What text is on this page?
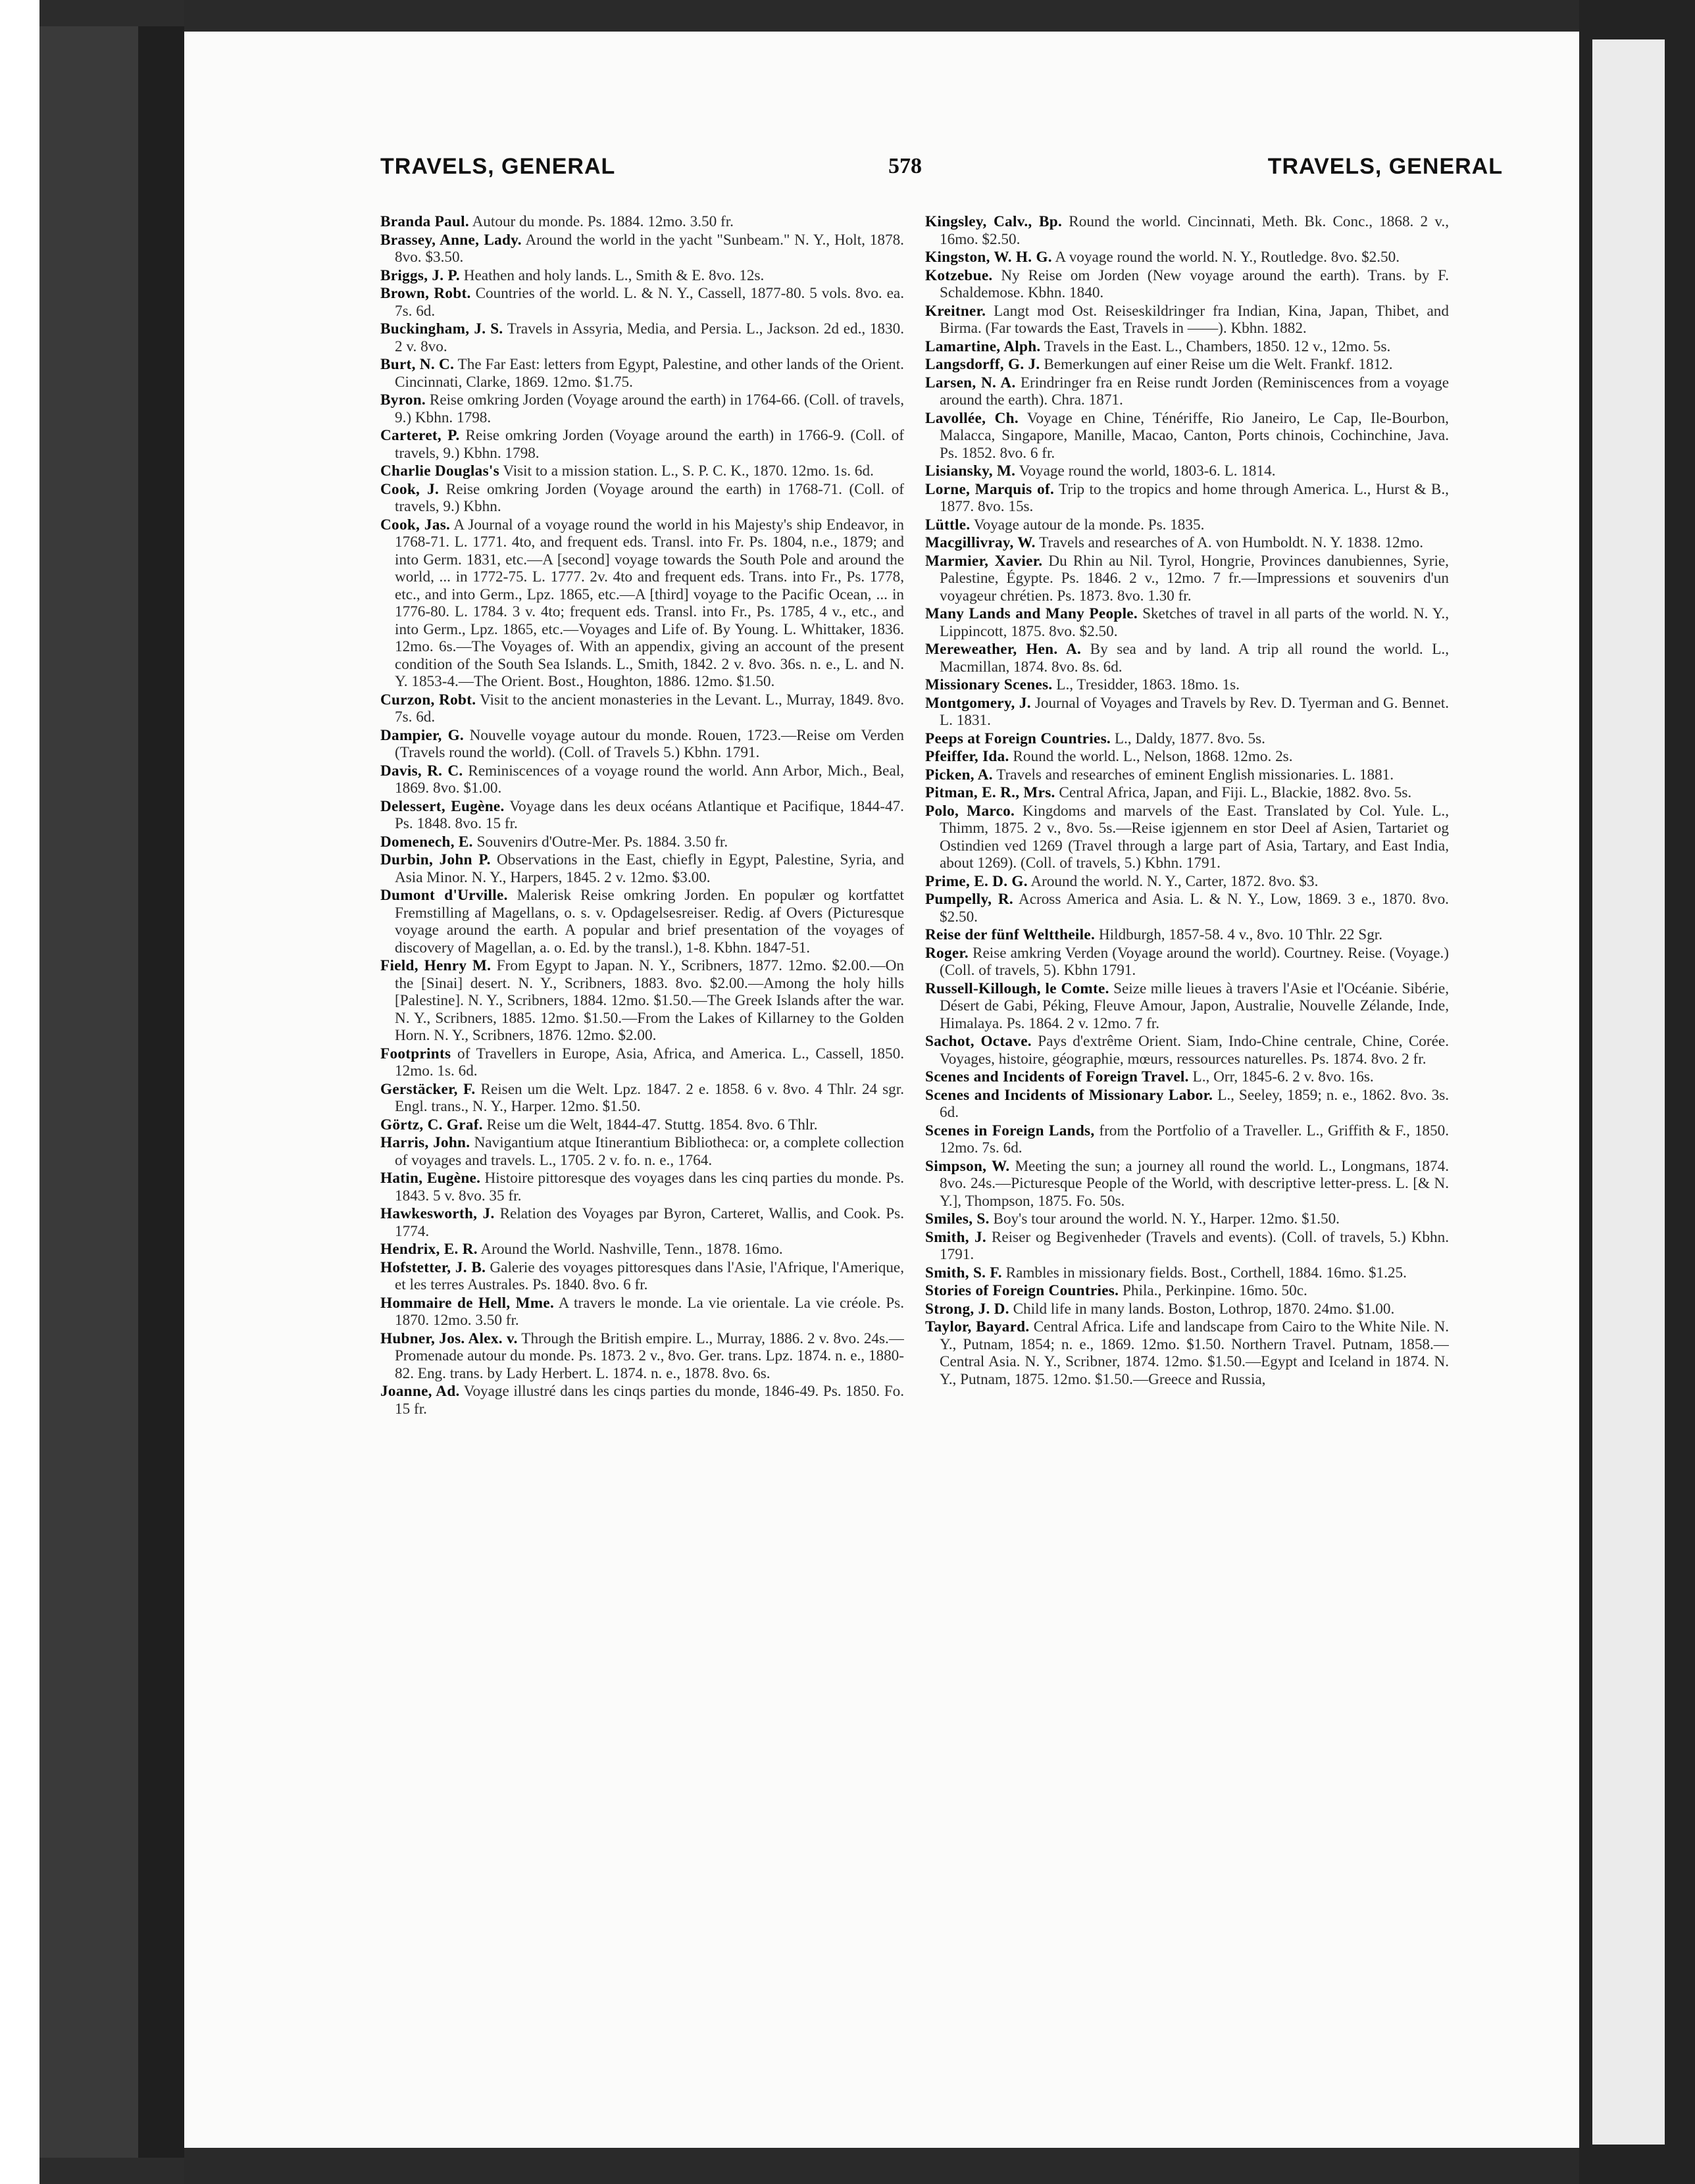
TRAVELS, GENERAL	578	TRAVELS, GENERAL

Branda Paul. Autour du monde. Ps. 1884. 12mo. 3.50 fr.

Brassey, Anne, Lady. Around the world in the yacht "Sunbeam." N. Y., Holt, 1878. 8vo. $3.50.

Briggs, J. P. Heathen and holy lands. L., Smith & E. 8vo. 12s.

Brown, Robt. Countries of the world. L. & N. Y., Cassell, 1877-80. 5 vols. 8vo. ea. 7s. 6d.

Buckingham, J. S. Travels in Assyria, Media, and Persia. L., Jackson. 2d ed., 1830. 2 v. 8vo.

Burt, N. C. The Far East: letters from Egypt, Palestine, and other lands of the Orient. Cincinnati, Clarke, 1869. 12mo. $1.75.

Byron. Reise omkring Jorden (Voyage around the earth) in 1764-66. (Coll. of travels, 9.) Kbhn. 1798.

Carteret, P. Reise omkring Jorden (Voyage around the earth) in 1766-9. (Coll. of travels, 9.) Kbhn. 1798.

Charlie Douglas's Visit to a mission station. L., S. P. C. K., 1870. 12mo. 1s. 6d.

Cook, J. Reise omkring Jorden (Voyage around the earth) in 1768-71. (Coll. of travels, 9.) Kbhn.

Cook, Jas. A Journal of a voyage round the world in his Majesty's ship Endeavor, in 1768-71. L. 1771. 4to, and frequent eds. Transl. into Fr. Ps. 1804, n.e., 1879; and into Germ. 1831, etc.—A [second] voyage towards the South Pole and around the world, ... in 1772-75. L. 1777. 2v. 4to and frequent eds. Trans. into Fr., Ps. 1778, etc., and into Germ., Lpz. 1865, etc.—A [third] voyage to the Pacific Ocean, ... in 1776-80. L. 1784. 3 v. 4to; frequent eds. Transl. into Fr., Ps. 1785, 4 v., etc., and into Germ., Lpz. 1865, etc.—Voyages and Life of. By Young. L. Whittaker, 1836. 12mo. 6s.—The Voyages of. With an appendix, giving an account of the present condition of the South Sea Islands. L., Smith, 1842. 2 v. 8vo. 36s. n. e., L. and N. Y. 1853-4.—The Orient. Bost., Houghton, 1886. 12mo. $1.50.

Curzon, Robt. Visit to the ancient monasteries in the Levant. L., Murray, 1849. 8vo. 7s. 6d.

Dampier, G. Nouvelle voyage autour du monde. Rouen, 1723.—Reise om Verden (Travels round the world). (Coll. of Travels 5.) Kbhn. 1791.

Davis, R. C. Reminiscences of a voyage round the world. Ann Arbor, Mich., Beal, 1869. 8vo. $1.00.

Delessert, Eugène. Voyage dans les deux océans Atlantique et Pacifique, 1844-47. Ps. 1848. 8vo. 15 fr.

Domenech, E. Souvenirs d'Outre-Mer. Ps. 1884. 3.50 fr.

Durbin, John P. Observations in the East, chiefly in Egypt, Palestine, Syria, and Asia Minor. N. Y., Harpers, 1845. 2 v. 12mo. $3.00.

Dumont d'Urville. Malerisk Reise omkring Jorden. En populær og kortfattet Fremstilling af Magellans, o. s. v. Opdagelsesreiser. Redig. af Overs (Picturesque voyage around the earth. A popular and brief presentation of the voyages of discovery of Magellan, a. o. Ed. by the transl.), 1-8. Kbhn. 1847-51.

Field, Henry M. From Egypt to Japan. N. Y., Scribners, 1877. 12mo. $2.00.—On the [Sinai] desert. N. Y., Scribners, 1883. 8vo. $2.00.—Among the holy hills [Palestine]. N. Y., Scribners, 1884. 12mo. $1.50.—The Greek Islands after the war. N. Y., Scribners, 1885. 12mo. $1.50.—From the Lakes of Killarney to the Golden Horn. N. Y., Scribners, 1876. 12mo. $2.00.

Footprints of Travellers in Europe, Asia, Africa, and America. L., Cassell, 1850. 12mo. 1s. 6d.

Gerstäcker, F. Reisen um die Welt. Lpz. 1847. 2 e. 1858. 6 v. 8vo. 4 Thlr. 24 sgr. Engl. trans., N. Y., Harper. 12mo. $1.50.

Görtz, C. Graf. Reise um die Welt, 1844-47. Stuttg. 1854. 8vo. 6 Thlr.

Harris, John. Navigantium atque Itinerantium Bibliotheca: or, a complete collection of voyages and travels. L., 1705. 2 v. fo. n. e., 1764.

Hatin, Eugène. Histoire pittoresque des voyages dans les cinq parties du monde. Ps. 1843. 5 v. 8vo. 35 fr.

Hawkesworth, J. Relation des Voyages par Byron, Carteret, Wallis, and Cook. Ps. 1774.

Hendrix, E. R. Around the World. Nashville, Tenn., 1878. 16mo.

Hofstetter, J. B. Galerie des voyages pittoresques dans l'Asie, l'Afrique, l'Amerique, et les terres Australes. Ps. 1840. 8vo. 6 fr.

Hommaire de Hell, Mme. A travers le monde. La vie orientale. La vie créole. Ps. 1870. 12mo. 3.50 fr.

Hubner, Jos. Alex. v. Through the British empire. L., Murray, 1886. 2 v. 8vo. 24s.—Promenade autour du monde. Ps. 1873. 2 v., 8vo. Ger. trans. Lpz. 1874. n. e., 1880-82. Eng. trans. by Lady Herbert. L. 1874. n. e., 1878. 8vo. 6s.

Joanne, Ad. Voyage illustré dans les cinqs parties du monde, 1846-49. Ps. 1850. Fo. 15 fr.

Kingsley, Calv., Bp. Round the world. Cincinnati, Meth. Bk. Conc., 1868. 2 v., 16mo. $2.50.

Kingston, W. H. G. A voyage round the world. N. Y., Routledge. 8vo. $2.50.

Kotzebue. Ny Reise om Jorden (New voyage around the earth). Trans. by F. Schaldemose. Kbhn. 1840.

Kreitner. Langt mod Ost. Reiseskildringer fra Indian, Kina, Japan, Thibet, and Birma. (Far towards the East, Travels in ——). Kbhn. 1882.

Lamartine, Alph. Travels in the East. L., Chambers, 1850. 12 v., 12mo. 5s.

Langsdorff, G. J. Bemerkungen auf einer Reise um die Welt. Frankf. 1812.

Larsen, N. A. Erindringer fra en Reise rundt Jorden (Reminiscences from a voyage around the earth). Chra. 1871.

Lavollée, Ch. Voyage en Chine, Ténériffe, Rio Janeiro, Le Cap, Ile-Bourbon, Malacca, Singapore, Manille, Macao, Canton, Ports chinois, Cochinchine, Java. Ps. 1852. 8vo. 6 fr.

Lisiansky, M. Voyage round the world, 1803-6. L. 1814.

Lorne, Marquis of. Trip to the tropics and home through America. L., Hurst & B., 1877. 8vo. 15s.

Lüttle. Voyage autour de la monde. Ps. 1835.

Macgillivray, W. Travels and researches of A. von Humboldt. N. Y. 1838. 12mo.

Marmier, Xavier. Du Rhin au Nil. Tyrol, Hongrie, Provinces danubiennes, Syrie, Palestine, Égypte. Ps. 1846. 2 v., 12mo. 7 fr.—Impressions et souvenirs d'un voyageur chrétien. Ps. 1873. 8vo. 1.30 fr.

Many Lands and Many People. Sketches of travel in all parts of the world. N. Y., Lippincott, 1875. 8vo. $2.50.

Mereweather, Hen. A. By sea and by land. A trip all round the world. L., Macmillan, 1874. 8vo. 8s. 6d.

Missionary Scenes. L., Tresidder, 1863. 18mo. 1s.

Montgomery, J. Journal of Voyages and Travels by Rev. D. Tyerman and G. Bennet. L. 1831.

Peeps at Foreign Countries. L., Daldy, 1877. 8vo. 5s.

Pfeiffer, Ida. Round the world. L., Nelson, 1868. 12mo. 2s.

Picken, A. Travels and researches of eminent English missionaries. L. 1881.

Pitman, E. R., Mrs. Central Africa, Japan, and Fiji. L., Blackie, 1882. 8vo. 5s.

Polo, Marco. Kingdoms and marvels of the East. Translated by Col. Yule. L., Thimm, 1875. 2 v., 8vo. 5s.—Reise igjennem en stor Deel af Asien, Tartariet og Ostindien ved 1269 (Travel through a large part of Asia, Tartary, and East India, about 1269). (Coll. of travels, 5.) Kbhn. 1791.

Prime, E. D. G. Around the world. N. Y., Carter, 1872. 8vo. $3.

Pumpelly, R. Across America and Asia. L. & N. Y., Low, 1869. 3 e., 1870. 8vo. $2.50.

Reise der fünf Welttheile. Hildburgh, 1857-58. 4 v., 8vo. 10 Thlr. 22 Sgr.

Roger. Reise amkring Verden (Voyage around the world). Courtney. Reise. (Voyage.) (Coll. of travels, 5). Kbhn 1791.

Russell-Killough, le Comte. Seize mille lieues à travers l'Asie et l'Océanie. Sibérie, Désert de Gabi, Péking, Fleuve Amour, Japon, Australie, Nouvelle Zélande, Inde, Himalaya. Ps. 1864. 2 v. 12mo. 7 fr.

Sachot, Octave. Pays d'extrême Orient. Siam, Indo-Chine centrale, Chine, Corée. Voyages, histoire, géographie, mœurs, ressources naturelles. Ps. 1874. 8vo. 2 fr.

Scenes and Incidents of Foreign Travel. L., Orr, 1845-6. 2 v. 8vo. 16s.

Scenes and Incidents of Missionary Labor. L., Seeley, 1859; n. e., 1862. 8vo. 3s. 6d.

Scenes in Foreign Lands, from the Portfolio of a Traveller. L., Griffith & F., 1850. 12mo. 7s. 6d.

Simpson, W. Meeting the sun; a journey all round the world. L., Longmans, 1874. 8vo. 24s.—Picturesque People of the World, with descriptive letter-press. L. [& N. Y.], Thompson, 1875. Fo. 50s.

Smiles, S. Boy's tour around the world. N. Y., Harper. 12mo. $1.50.

Smith, J. Reiser og Begivenheder (Travels and events). (Coll. of travels, 5.) Kbhn. 1791.

Smith, S. F. Rambles in missionary fields. Bost., Corthell, 1884. 16mo. $1.25.

Stories of Foreign Countries. Phila., Perkinpine. 16mo. 50c.

Strong, J. D. Child life in many lands. Boston, Lothrop, 1870. 24mo. $1.00.

Taylor, Bayard. Central Africa. Life and landscape from Cairo to the White Nile. N. Y., Putnam, 1854; n. e., 1869. 12mo. $1.50. Northern Travel. Putnam, 1858.—Central Asia. N. Y., Scribner, 1874. 12mo. $1.50.—Egypt and Iceland in 1874. N. Y., Putnam, 1875. 12mo. $1.50.—Greece and Russia,
